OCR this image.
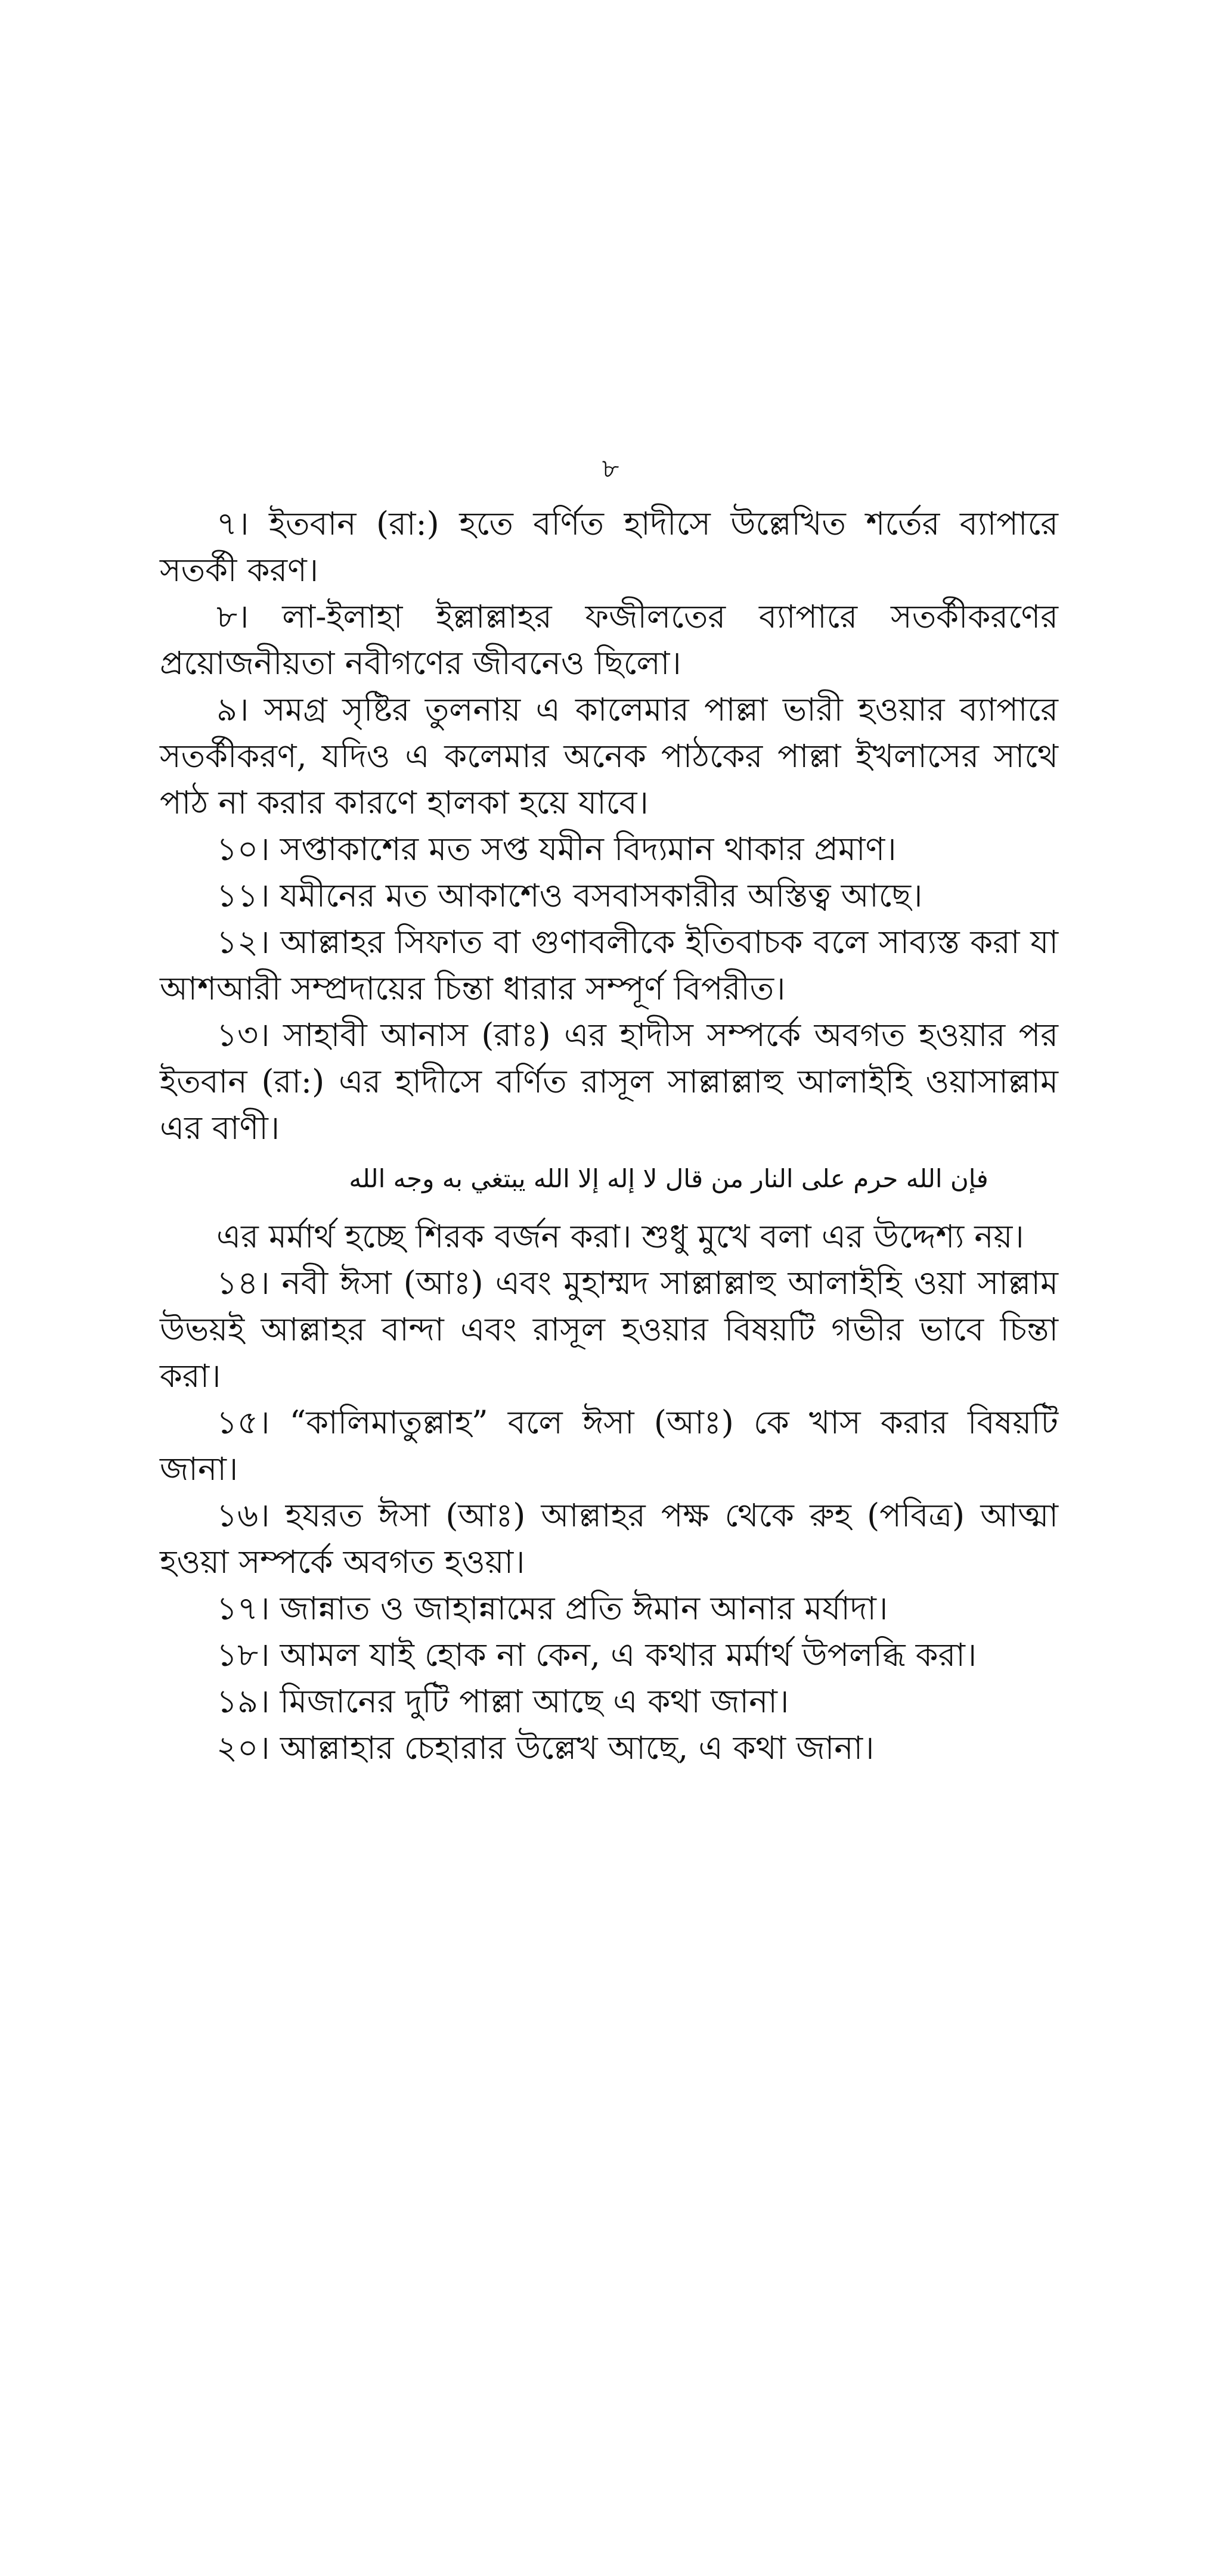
৮

৭। ইতবান (রা:) হতে বর্ণিত হাদীসে উল্লেখিত শর্তের ব্যাপারে সতর্কী করণ।

৮। লা-ইলাহা ইল্লাল্লাহর ফজীলতের ব্যাপারে সতর্কীকরণের প্রয়োজনীয়তা নবীগণের জীবনেও ছিলো।

৯। সমগ্র সৃষ্টির তুলনায় এ কালেমার পাল্লা ভারী হওয়ার ব্যাপারে সতর্কীকরণ, যদিও এ কলেমার অনেক পাঠকের পাল্লা ইখলাসের সাথে পাঠ না করার কারণে হালকা হয়ে যাবে।

১০। সপ্তাকাশের মত সপ্ত যমীন বিদ্যমান থাকার প্রমাণ।

১১। যমীনের মত আকাশেও বসবাসকারীর অস্তিত্ব আছে।

১২। আল্লাহর সিফাত বা গুণাবলীকে ইতিবাচক বলে সাব্যস্ত করা যা আশআরী সম্প্রদায়ের চিন্তা ধারার সম্পূর্ণ বিপরীত।

১৩। সাহাবী আনাস (রাঃ) এর হাদীস সম্পর্কে অবগত হওয়ার পর ইতবান (রা:) এর হাদীসে বর্ণিত রাসূল সাল্লাল্লাহু আলাইহি ওয়াসাল্লাম এর বাণী।

فإن الله حرم على النار من قال لا إله إلا الله يبتغي به وجه الله

এর মর্মার্থ হচ্ছে শিরক বর্জন করা। শুধু মুখে বলা এর উদ্দেশ্য নয়।

১৪। নবী ঈসা (আঃ) এবং মুহাম্মদ সাল্লাল্লাহু আলাইহি ওয়া সাল্লাম উভয়ই আল্লাহর বান্দা এবং রাসূল হওয়ার বিষয়টি গভীর ভাবে চিন্তা করা।

১৫। “কালিমাতুল্লাহ” বলে ঈসা (আঃ) কে খাস করার বিষয়টি জানা।

১৬। হযরত ঈসা (আঃ) আল্লাহর পক্ষ থেকে রুহ (পবিত্র) আত্মা হওয়া সম্পর্কে অবগত হওয়া।

১৭। জান্নাত ও জাহান্নামের প্রতি ঈমান আনার মর্যাদা।

১৮। আমল যাই হোক না কেন, এ কথার মর্মার্থ উপলব্ধি করা।

১৯। মিজানের দুটি পাল্লা আছে এ কথা জানা।

২০। আল্লাহার চেহারার উল্লেখ আছে, এ কথা জানা।
